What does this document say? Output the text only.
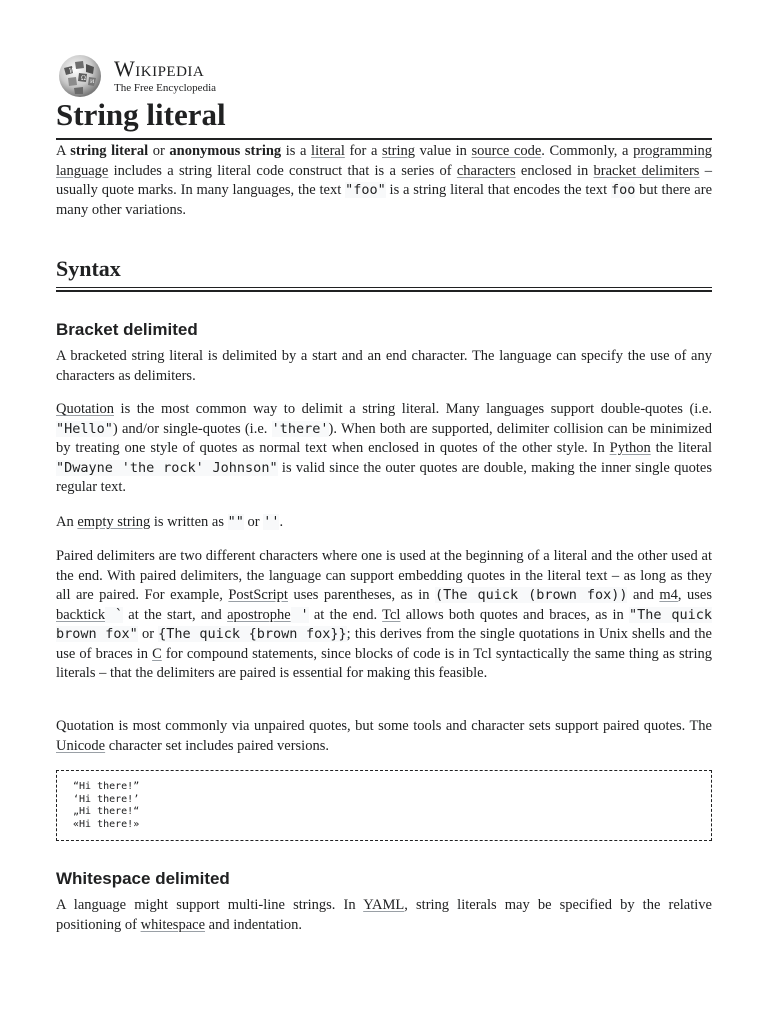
W
Ω И
Wikipedia
The Free Encyclopedia
String literal

A string literal or anonymous string is a literal for a string value in source code. Commonly, a programming language includes a string literal code construct that is a series of characters enclosed in bracket delimiters – usually quote marks. In many languages, the text "foo" is a string literal that encodes the text foo but there are many other variations.

Syntax
Bracket delimited

A bracketed string literal is delimited by a start and an end character. The language can specify the use of any characters as delimiters.

Quotation is the most common way to delimit a string literal. Many languages support double-quotes (i.e. "Hello") and/or single-quotes (i.e. 'there'). When both are supported, delimiter collision can be minimized by treating one style of quotes as normal text when enclosed in quotes of the other style. In Python the literal "Dwayne 'the rock' Johnson" is valid since the outer quotes are double, making the inner single quotes regular text.

An empty string is written as "" or ''.

Paired delimiters are two different characters where one is used at the beginning of a literal and the other used at the end. With paired delimiters, the language can support embedding quotes in the literal text – as long as they all are paired. For example, PostScript uses parentheses, as in (The quick (brown fox)) and m4, uses backtick ` at the start, and apostrophe ' at the end. Tcl allows both quotes and braces, as in "The quick brown fox" or {The quick {brown fox}}; this derives from the single quotations in Unix shells and the use of braces in C for compound statements, since blocks of code is in Tcl syntactically the same thing as string literals – that the delimiters are paired is essential for making this feasible.

Quotation is most commonly via unpaired quotes, but some tools and character sets support paired quotes. The Unicode character set includes paired versions.

“Hi there!”
‘Hi there!’
„Hi there!“
«Hi there!»
Whitespace delimited

A language might support multi-line strings. In YAML, string literals may be specified by the relative positioning of whitespace and indentation.
